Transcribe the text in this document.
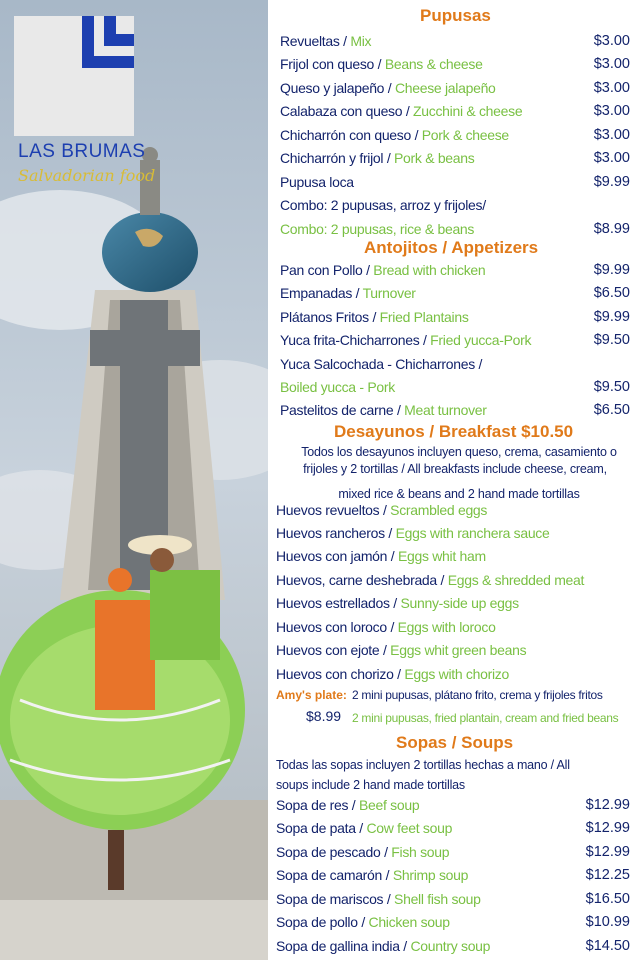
LAS BRUMAS
Salvadorian food
Pupusas
Revueltas / Mix	$3.00
Frijol con queso / Beans & cheese	$3.00
Queso y jalapeño / Cheese jalapeño	$3.00
Calabaza con queso / Zucchini & cheese	$3.00
Chicharrón con queso / Pork & cheese	$3.00
Chicharrón y frijol / Pork & beans	$3.00
Pupusa loca	$9.99
Combo: 2 pupusas, arroz y frijoles/
Combo: 2 pupusas, rice & beans	$8.99
Antojitos / Appetizers
Pan con Pollo / Bread with chicken	$9.99
Empanadas / Turnover	$6.50
Plátanos Fritos / Fried Plantains	$9.99
Yuca frita-Chicharrones / Fried yucca-Pork	$9.50
Yuca Salcochada - Chicharrones /
Boiled yucca - Pork	$9.50
Pastelitos de carne / Meat turnover	$6.50
Desayunos / Breakfast $10.50
Todos los desayunos incluyen queso, crema, casamiento o
frijoles y 2 tortillas / All breakfasts include cheese, cream,
mixed rice & beans and 2 hand made tortillas
Huevos revueltos / Scrambled eggs
Huevos rancheros / Eggs with ranchera sauce
Huevos con jamón / Eggs whit ham
Huevos, carne deshebrada / Eggs & shredded meat
Huevos estrellados / Sunny-side up eggs
Huevos con loroco / Eggs with loroco
Huevos con ejote / Eggs whit green beans
Huevos con chorizo / Eggs with chorizo
Amy's plate: 2 mini pupusas, plátano frito, crema y frijoles fritos
$8.99 2 mini pupusas, fried plantain, cream and fried beans
Sopas / Soups
Todas las sopas incluyen 2 tortillas hechas a mano / All
soups include 2 hand made tortillas
Sopa de res / Beef soup	$12.99
Sopa de pata / Cow feet soup	$12.99
Sopa de pescado / Fish soup	$12.99
Sopa de camarón / Shrimp soup	$12.25
Sopa de mariscos / Shell fish soup	$16.50
Sopa de pollo / Chicken soup	$10.99
Sopa de gallina india / Country soup	$14.50
